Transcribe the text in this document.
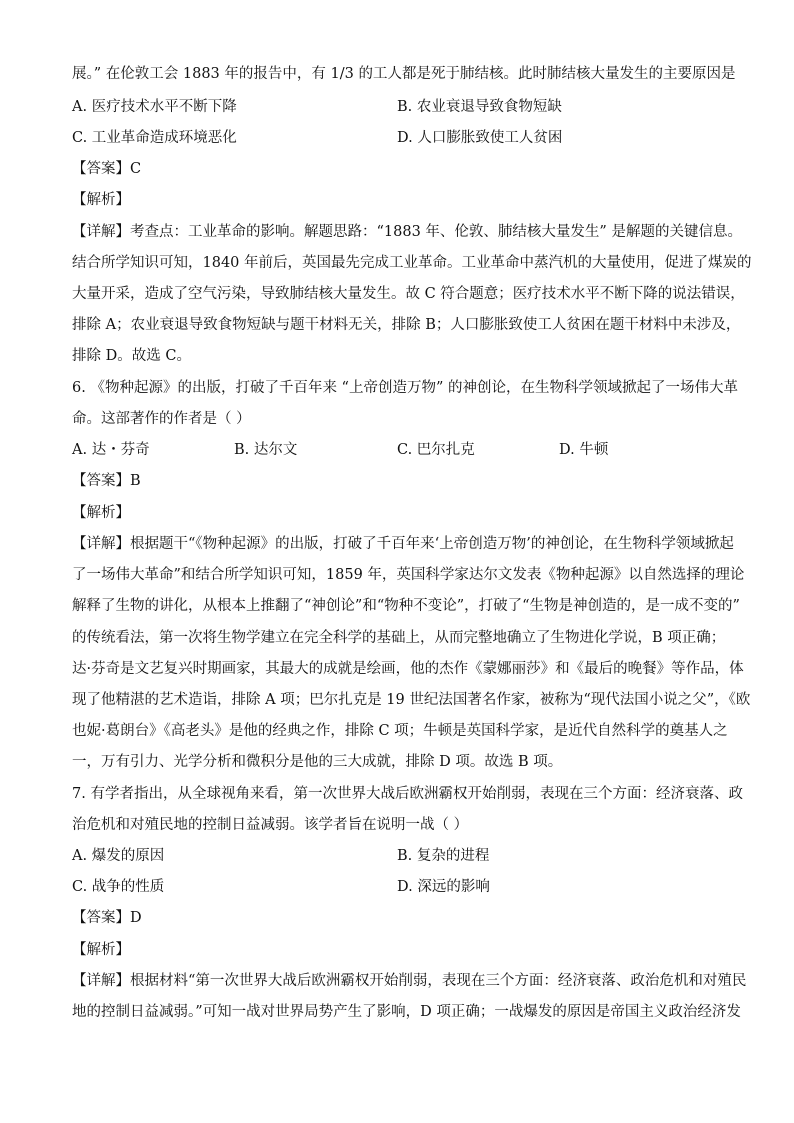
展。” 在伦敦工会 1883 年的报告中，有 1/3 的工人都是死于肺结核。此时肺结核大量发生的主要原因是
A. 医疗技术水平不断下降	B. 农业衰退导致食物短缺
C. 工业革命造成环境恶化	D. 人口膨胀致使工人贫困
【答案】C
【解析】
【详解】考查点：工业革命的影响。解题思路：“1883 年、伦敦、肺结核大量发生” 是解题的关键信息。
结合所学知识可知，1840 年前后，英国最先完成工业革命。工业革命中蒸汽机的大量使用，促进了煤炭的
大量开采，造成了空气污染，导致肺结核大量发生。故 C 符合题意；医疗技术水平不断下降的说法错误，
排除 A；农业衰退导致食物短缺与题干材料无关，排除 B；人口膨胀致使工人贫困在题干材料中未涉及，
排除 D。故选 C。
6. 《物种起源》的出版，打破了千百年来 “上帝创造万物” 的神创论，在生物科学领域掀起了一场伟大革
命。这部著作的作者是（ ）
A. 达・芬奇	B. 达尔文	C. 巴尔扎克	D. 牛顿
【答案】B
【解析】
【详解】根据题干“《物种起源》的出版，打破了千百年来‘上帝创造万物’的神创论，在生物科学领域掀起
了一场伟大革命”和结合所学知识可知，1859 年，英国科学家达尔文发表《物种起源》以自然选择的理论
解释了生物的讲化，从根本上推翻了“神创论”和“物种不变论”，打破了“生物是神创造的，是一成不变的”
的传统看法，第一次将生物学建立在完全科学的基础上，从而完整地确立了生物进化学说，B 项正确；
达·芬奇是文艺复兴时期画家，其最大的成就是绘画，他的杰作《蒙娜丽莎》和《最后的晚餐》等作品，体
现了他精湛的艺术造诣，排除 A 项；巴尔扎克是 19 世纪法国著名作家，被称为“现代法国小说之父”，《欧
也妮·葛朗台》《高老头》是他的经典之作，排除 C 项；牛顿是英国科学家，是近代自然科学的奠基人之
一，万有引力、光学分析和微积分是他的三大成就，排除 D 项。故选 B 项。
7. 有学者指出，从全球视角来看，第一次世界大战后欧洲霸权开始削弱，表现在三个方面：经济衰落、政
治危机和对殖民地的控制日益减弱。该学者旨在说明一战（ ）
A. 爆发的原因	B. 复杂的进程
C. 战争的性质	D. 深远的影响
【答案】D
【解析】
【详解】根据材料“第一次世界大战后欧洲霸权开始削弱，表现在三个方面：经济衰落、政治危机和对殖民
地的控制日益减弱。”可知一战对世界局势产生了影响，D 项正确；一战爆发的原因是帝国主义政治经济发
